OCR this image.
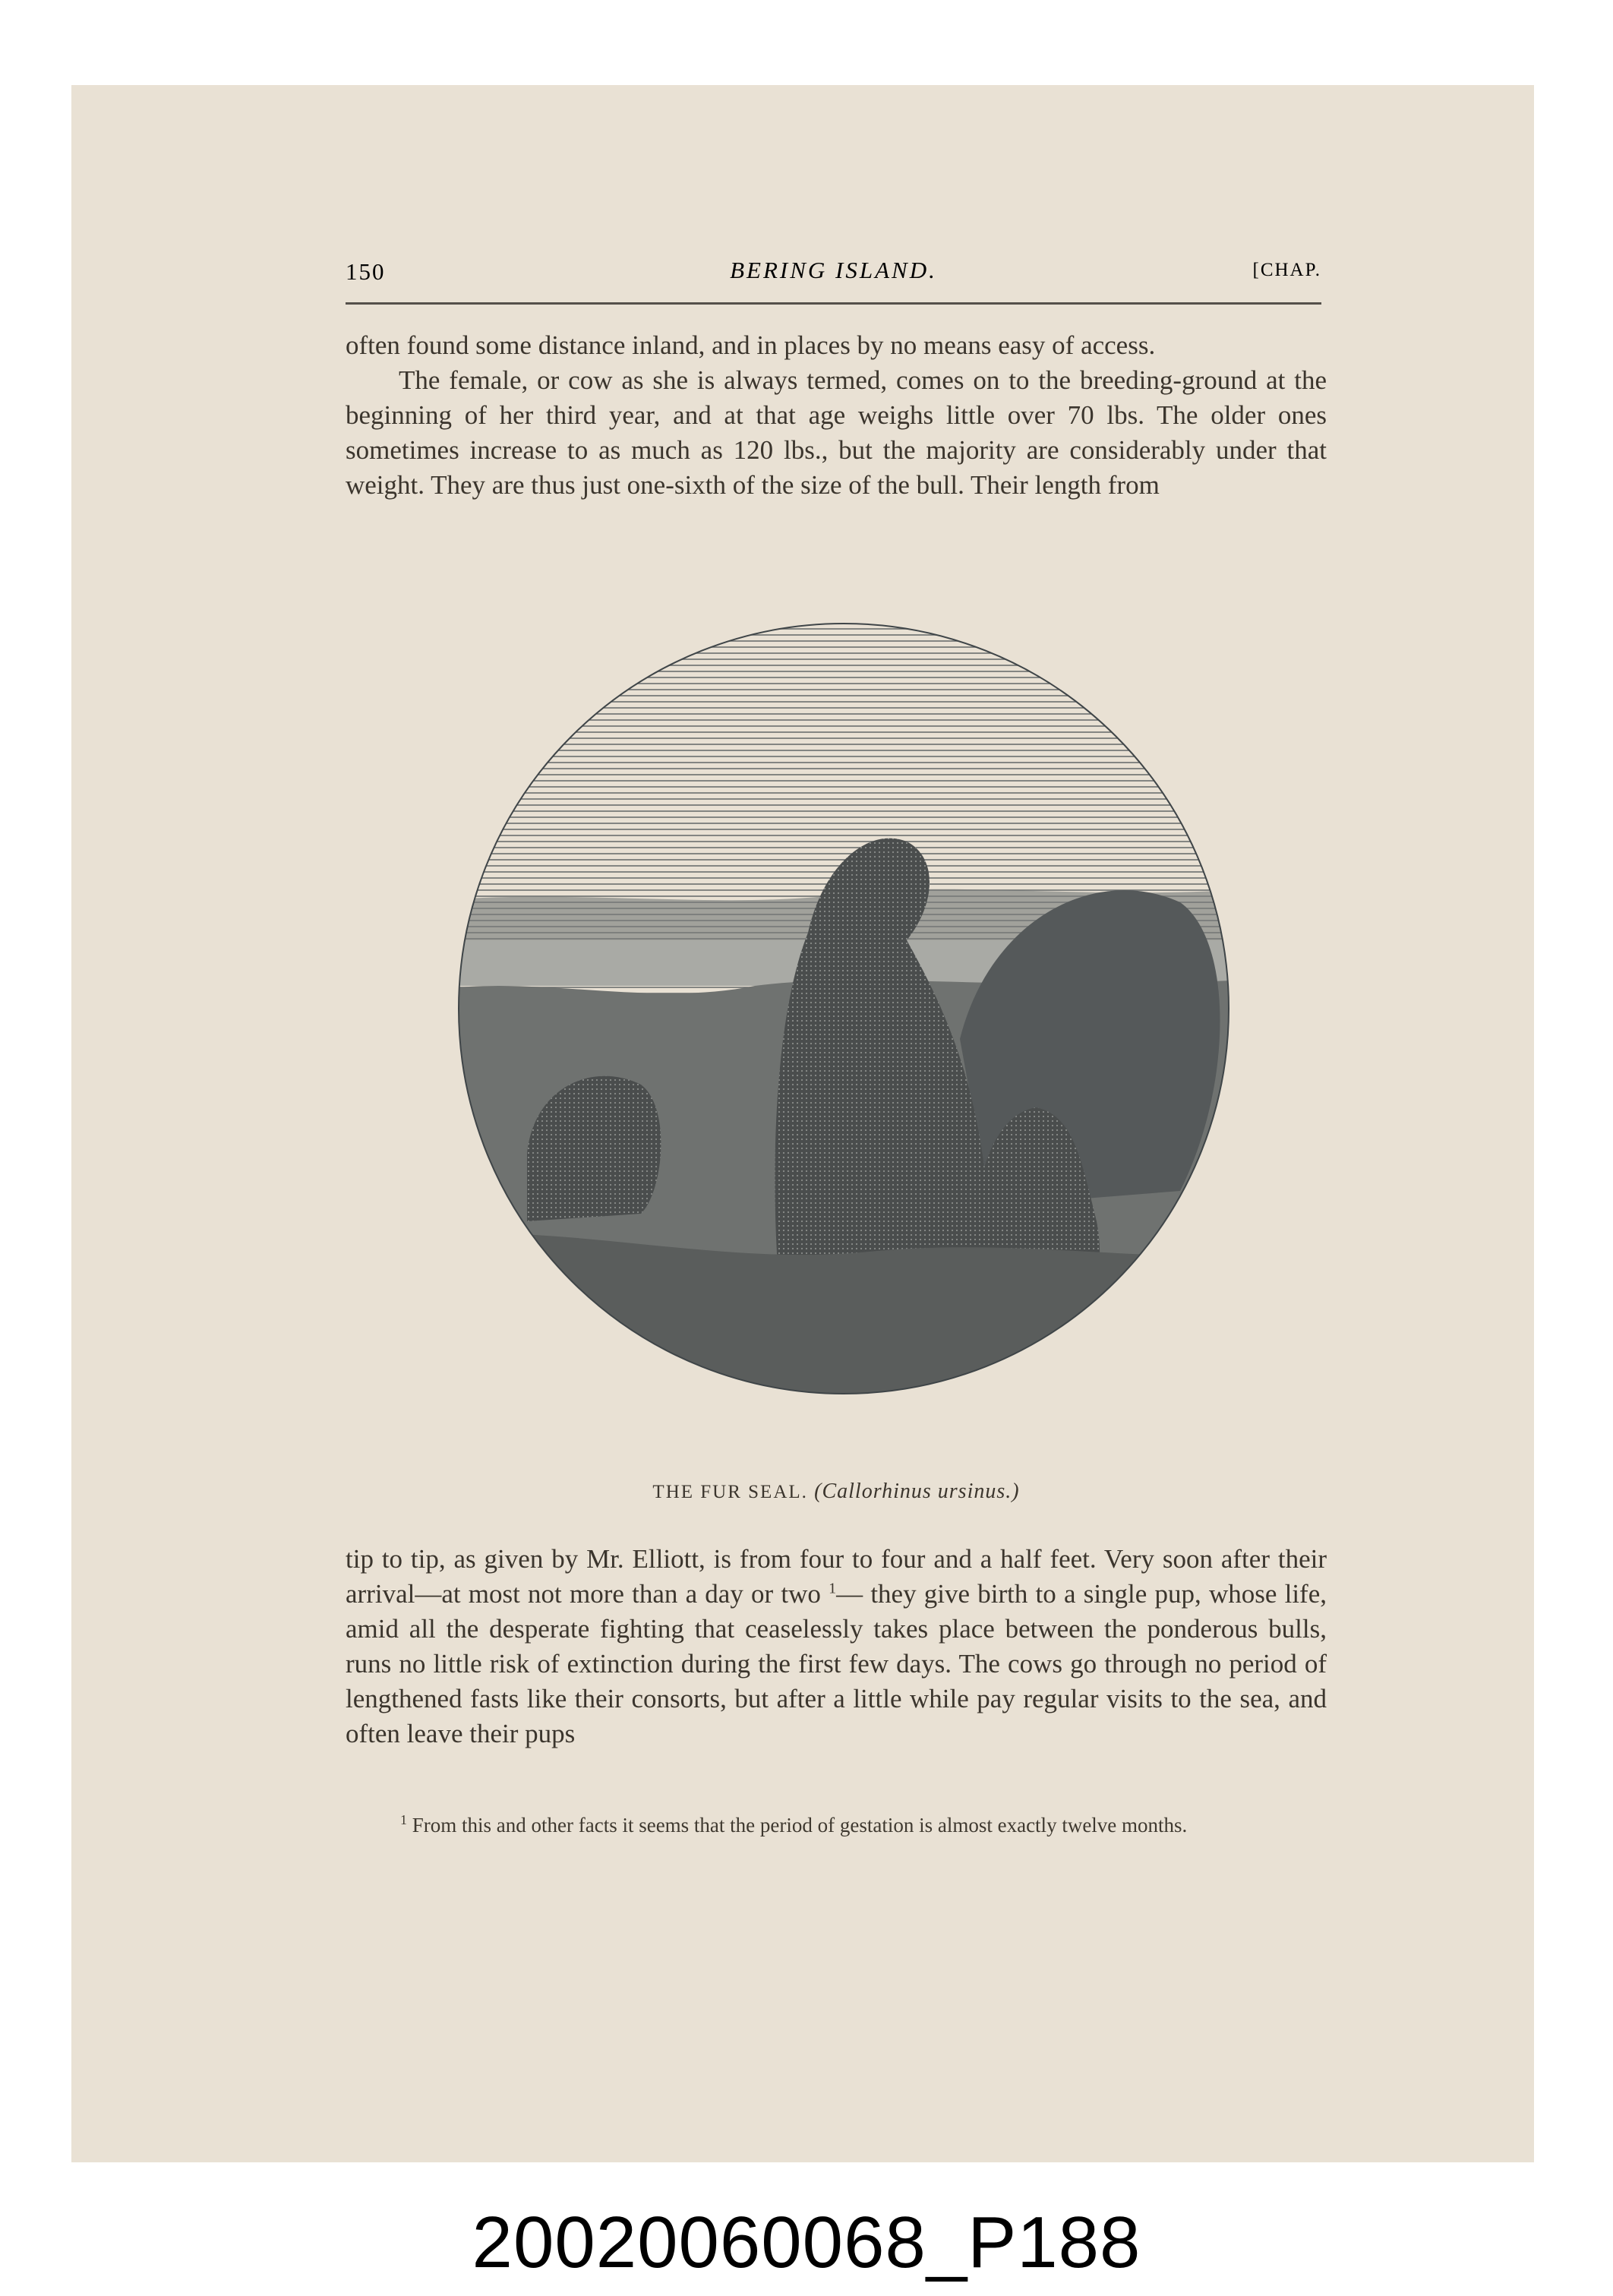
150	BERING ISLAND.	[CHAP.

often found some distance inland, and in places by no means easy of access.

The female, or cow as she is always termed, comes on to the breeding-ground at the beginning of her third year, and at that age weighs little over 70 lbs. The older ones sometimes increase to as much as 120 lbs., but the majority are considerably under that weight. They are thus just one-sixth of the size of the bull. Their length from

THE FUR SEAL. (Callorhinus ursinus.)

tip to tip, as given by Mr. Elliott, is from four to four and a half feet. Very soon after their arrival—at most not more than a day or two $^1$— they give birth to a single pup, whose life, amid all the desperate fighting that ceaselessly takes place between the ponderous bulls, runs no little risk of extinction during the first few days. The cows go through no period of lengthened fasts like their consorts, but after a little while pay regular visits to the sea, and often leave their pups

$^1$ From this and other facts it seems that the period of gestation is almost exactly twelve months.

20020060068_P188
